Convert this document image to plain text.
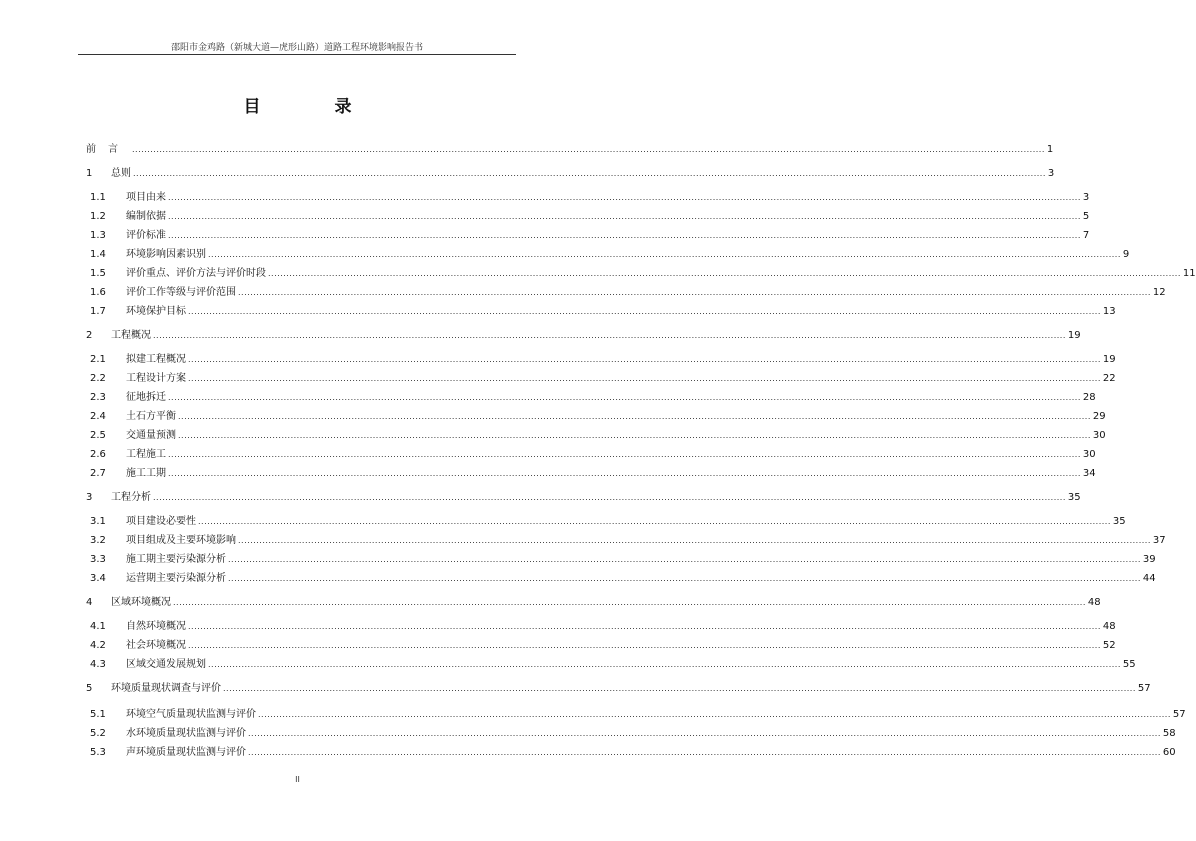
邵阳市金鸡路（新城大道—虎形山路）道路工程环境影响报告书
目 录
前言 ............................................................................................................................................................................................................................................................................................................ 1
1	总则 ............................................................................................................................................................................................................................................................................................................ 3
1.1	项目由来 ............................................................................................................................................................................................................................................................................................................ 3
1.2	编制依据 ............................................................................................................................................................................................................................................................................................................ 5
1.3	评价标准 ............................................................................................................................................................................................................................................................................................................ 7
1.4	环境影响因素识别 ............................................................................................................................................................................................................................................................................................................ 9
1.5	评价重点、评价方法与评价时段 ............................................................................................................................................................................................................................................................................................................ 11
1.6	评价工作等级与评价范围 ............................................................................................................................................................................................................................................................................................................ 12
1.7	环境保护目标 ............................................................................................................................................................................................................................................................................................................ 13
2	工程概况 ............................................................................................................................................................................................................................................................................................................ 19
2.1	拟建工程概况 ............................................................................................................................................................................................................................................................................................................ 19
2.2	工程设计方案 ............................................................................................................................................................................................................................................................................................................ 22
2.3	征地拆迁 ............................................................................................................................................................................................................................................................................................................ 28
2.4	土石方平衡 ............................................................................................................................................................................................................................................................................................................ 29
2.5	交通量预测 ............................................................................................................................................................................................................................................................................................................ 30
2.6	工程施工 ............................................................................................................................................................................................................................................................................................................ 30
2.7	施工工期 ............................................................................................................................................................................................................................................................................................................ 34
3	工程分析 ............................................................................................................................................................................................................................................................................................................ 35
3.1	项目建设必要性 ............................................................................................................................................................................................................................................................................................................ 35
3.2	项目组成及主要环境影响 ............................................................................................................................................................................................................................................................................................................ 37
3.3	施工期主要污染源分析 ............................................................................................................................................................................................................................................................................................................ 39
3.4	运营期主要污染源分析 ............................................................................................................................................................................................................................................................................................................ 44
4	区域环境概况 ............................................................................................................................................................................................................................................................................................................ 48
4.1	自然环境概况 ............................................................................................................................................................................................................................................................................................................ 48
4.2	社会环境概况 ............................................................................................................................................................................................................................................................................................................ 52
4.3	区域交通发展规划 ............................................................................................................................................................................................................................................................................................................ 55
5	环境质量现状调查与评价 ............................................................................................................................................................................................................................................................................................................ 57
5.1	环境空气质量现状监测与评价 ............................................................................................................................................................................................................................................................................................................ 57
5.2	水环境质量现状监测与评价 ............................................................................................................................................................................................................................................................................................................ 58
5.3	声环境质量现状监测与评价 ............................................................................................................................................................................................................................................................................................................ 60
II
